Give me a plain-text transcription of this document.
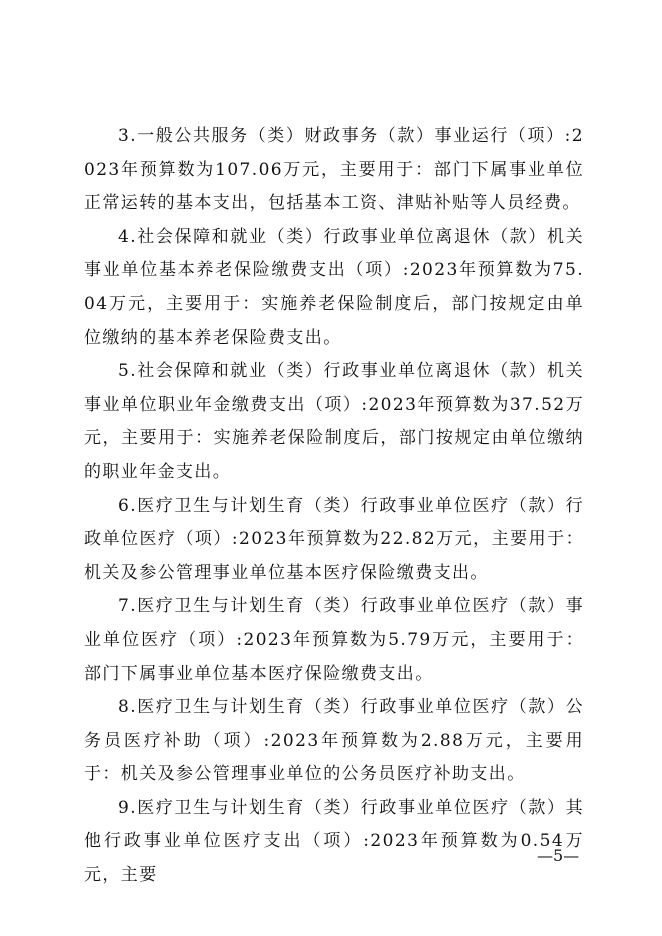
3.一般公共服务（类）财政事务（款）事业运行（项）:2023年预算数为107.06万元，主要用于：部门下属事业单位正常运转的基本支出，包括基本工资、津贴补贴等人员经费。

4.社会保障和就业（类）行政事业单位离退休（款）机关事业单位基本养老保险缴费支出（项）:2023年预算数为75.04万元，主要用于：实施养老保险制度后，部门按规定由单位缴纳的基本养老保险费支出。

5.社会保障和就业（类）行政事业单位离退休（款）机关事业单位职业年金缴费支出（项）:2023年预算数为37.52万元，主要用于：实施养老保险制度后，部门按规定由单位缴纳的职业年金支出。

6.医疗卫生与计划生育（类）行政事业单位医疗（款）行政单位医疗（项）:2023年预算数为22.82万元，主要用于：机关及参公管理事业单位基本医疗保险缴费支出。

7.医疗卫生与计划生育（类）行政事业单位医疗（款）事业单位医疗（项）:2023年预算数为5.79万元，主要用于：部门下属事业单位基本医疗保险缴费支出。

8.医疗卫生与计划生育（类）行政事业单位医疗（款）公务员医疗补助（项）:2023年预算数为2.88万元，主要用于：机关及参公管理事业单位的公务员医疗补助支出。

9.医疗卫生与计划生育（类）行政事业单位医疗（款）其他行政事业单位医疗支出（项）:2023年预算数为0.54万元，主要

—5—
